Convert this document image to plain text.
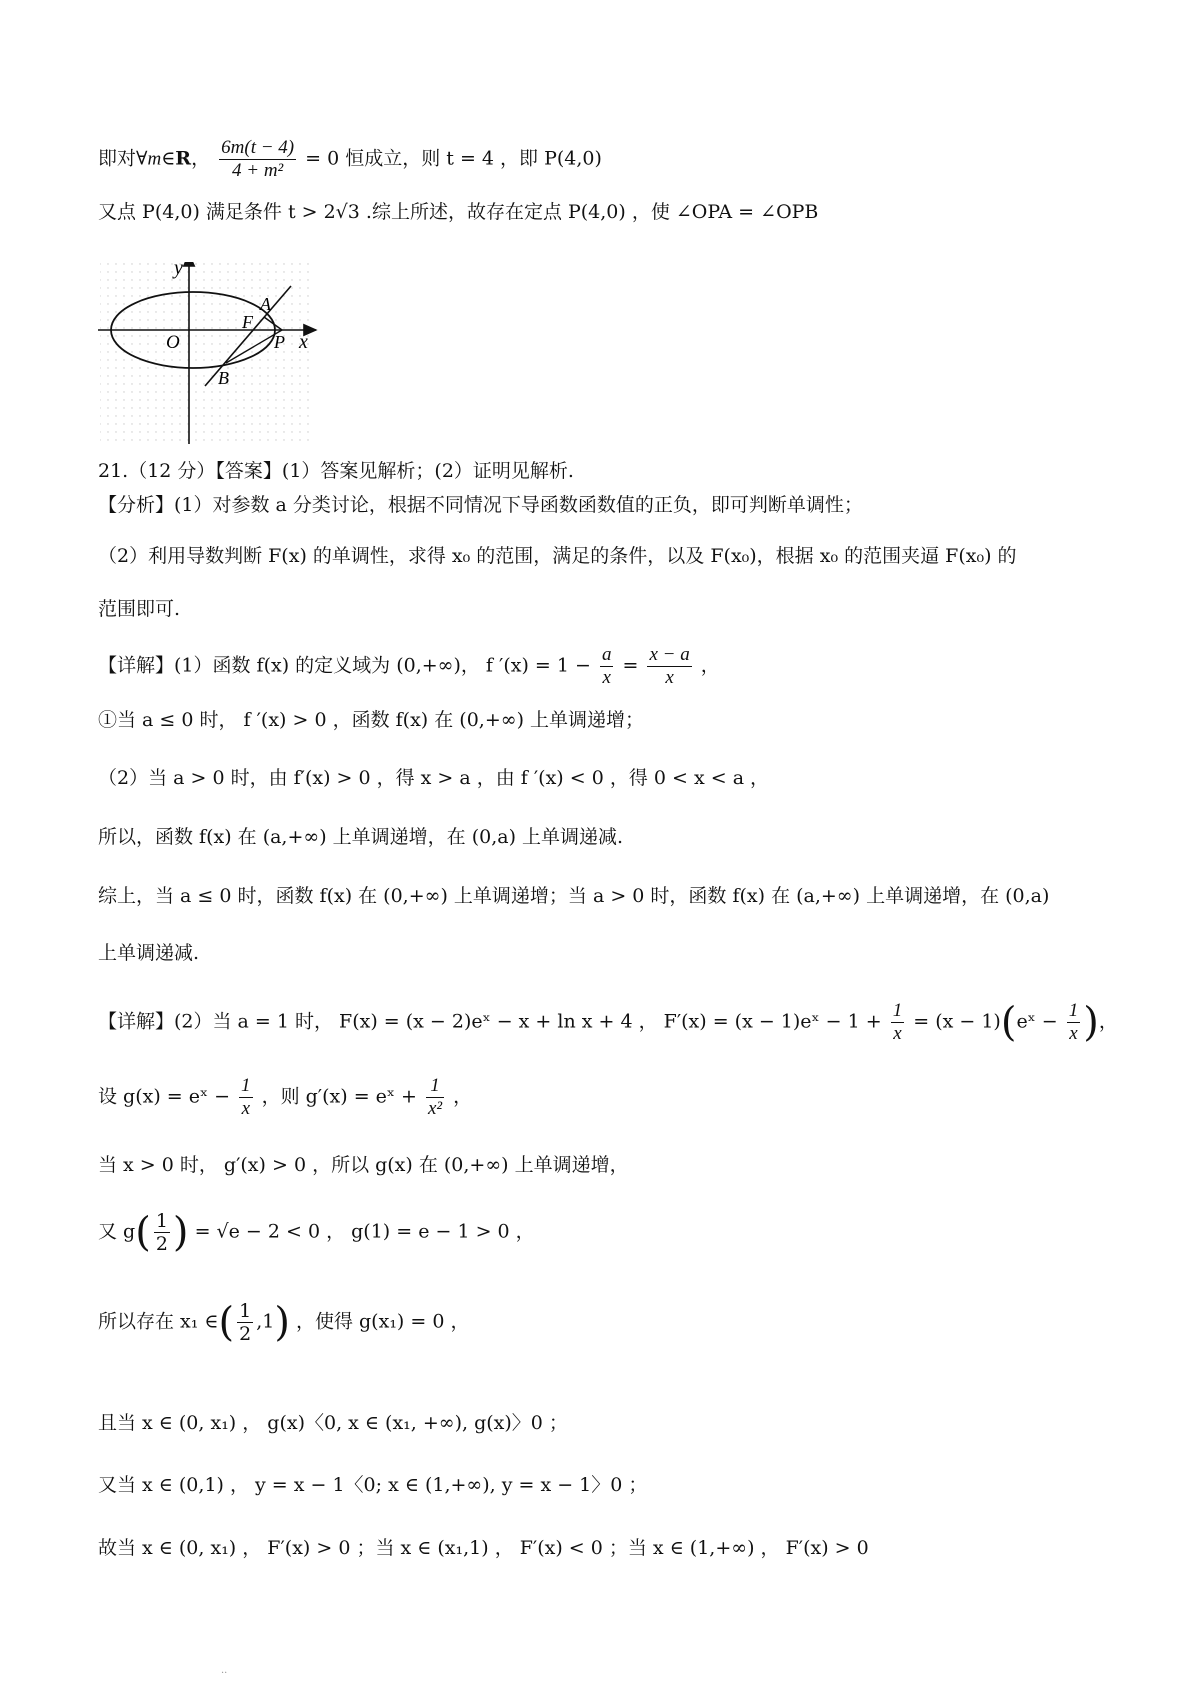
即对∀m∈R， $\frac{6m(t - 4)}{\text{4 + m²}} = 0$ 恒成立，则 t = 4 ，即 P(4,0)
又点 P(4,0) 满足条件 t > 2√3 .综上所述，故存在定点 P(4,0) ，使 ∠OPA = ∠OPB
y
O
F
A
P x
B
21.（12 分）【答案】(1）答案见解析；(2）证明见解析.
【分析】(1）对参数 a 分类讨论，根据不同情况下导函数函数值的正负，即可判断单调性；
（2）利用导数判断 F(x) 的单调性，求得 x₀ 的范围，满足的条件，以及 F(x₀)，根据 x₀ 的范围夹逼 F(x₀) 的
范围即可.
【详解】(1）函数 f(x) 的定义域为 (0,+∞)， f $'(x) = 1 - \frac{a}{x} = \frac{x - a}{x}$ ，
①当 a ≤ 0 时， f ′(x) > 0 ，函数 f(x) 在 (0,+∞) 上单调递增；
（2）当 a > 0 时，由 f′(x) > 0 ，得 x > a ，由 f ′(x) < 0 ，得 0 < x < a ，
所以，函数 f(x) 在 (a,+∞) 上单调递增，在 (0,a) 上单调递减.
综上，当 a ≤ 0 时，函数 f(x) 在 (0,+∞) 上单调递增；当 a > 0 时，函数 f(x) 在 (a,+∞) 上单调递增，在 (0,a)
上单调递减.
【详解】(2）当 a = 1 时， F(x) = (x − 2)eˣ − x + ln x + 4 ， F′(x) = (x − 1)eˣ − $1 + \frac{1}{x} = (x$ − 1)(eˣ − $\frac{1}{x}$ )，
设 g(x) = eˣ − $\frac{1}{x}$ ，则 g′(x) = eˣ + $\frac{1}{\text{x²}}$ ，
当 x > 0 时， g′(x) > 0 ，所以 g(x) 在 (0,+∞) 上单调递增，
又 $g( \frac{1}{2}$ ) = √e − 2 < 0 ， g(1) = e − 1 > 0 ，
所以存在 x₁ ∈( $\frac{1}{2} ,1$) ，使得 g(x₁) = 0 ，
且当 x ∈ (0, x₁) ， g(x)〈0, x ∈ (x₁, +∞), g(x)〉0 ；
又当 x ∈ (0,1) ， y = x − 1〈0; x ∈ (1,+∞), y = x − 1〉0 ；
故当 x ∈ (0, x₁) ， F′(x) > 0 ；当 x ∈ (x₁,1) ， F′(x) < 0 ；当 x ∈ (1,+∞) ， F′(x) > 0
··
